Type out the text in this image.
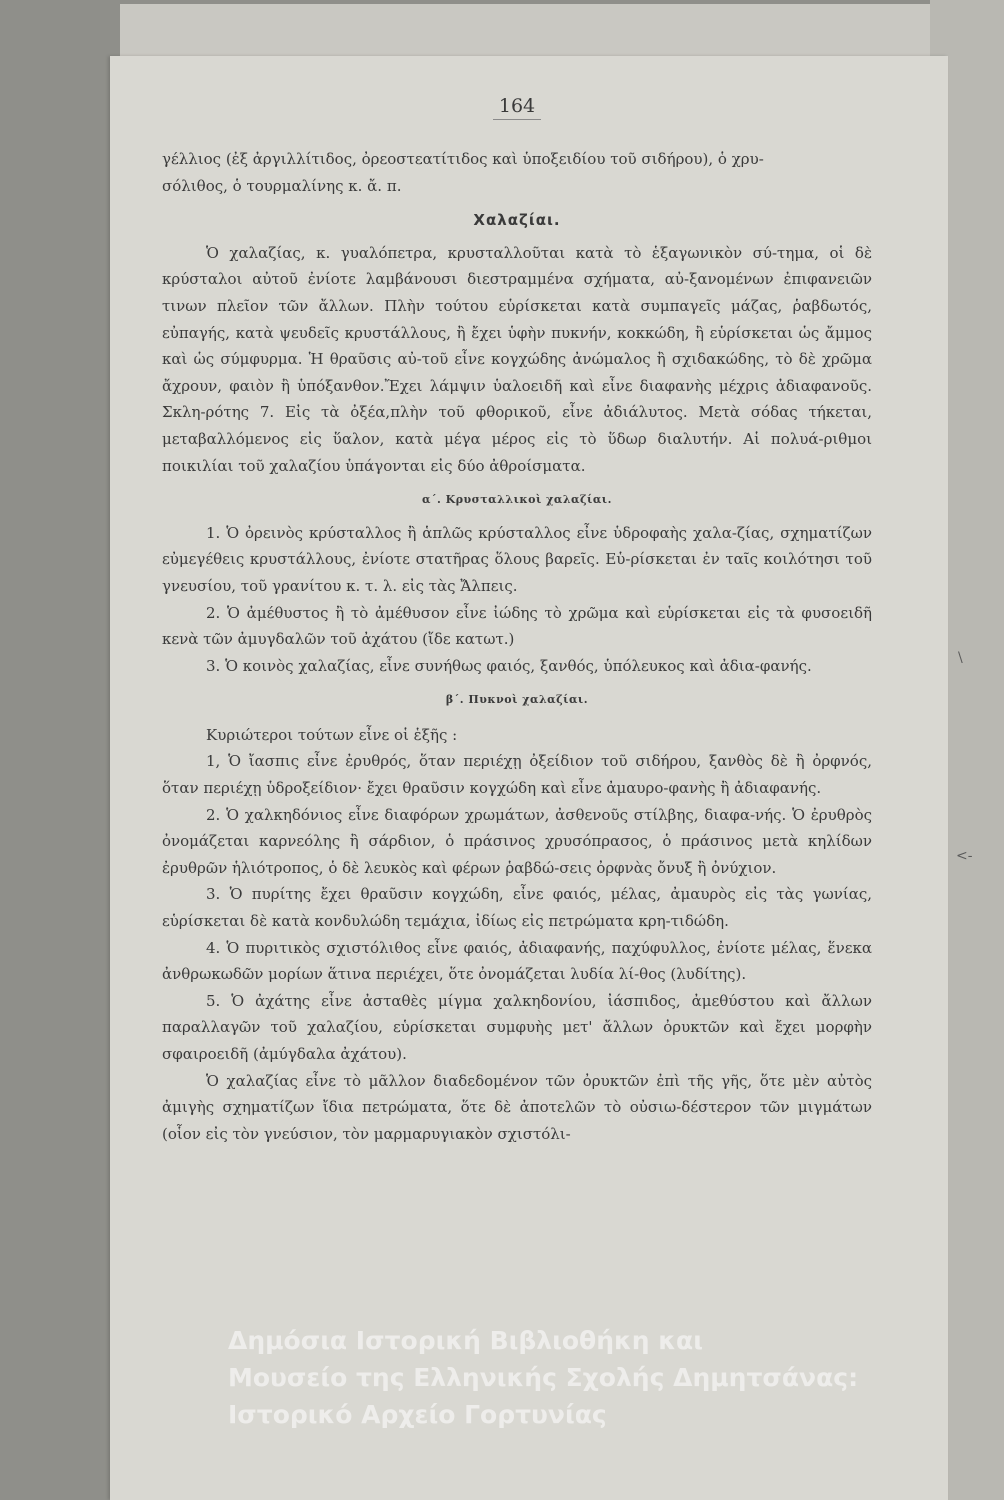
164

γέλλιος (ἐξ ἀργιλλίτιδος, ὀρεοστεατίτιδος καὶ ὑποξειδίου τοῦ σιδήρου), ὁ χρυ-

σόλιθος, ὁ τουρμαλίνης κ. ἄ. π.

Χαλαζίαι.

Ὁ χαλαζίας, κ. γυαλόπετρα, κρυσταλλοῦται κατὰ τὸ ἑξαγωνικὸν σύ-τημα, οἱ δὲ κρύσταλοι αὐτοῦ ἐνίοτε λαμβάνουσι διεστραμμένα σχήματα, αὐ-ξανομένων ἐπιφανειῶν τινων πλεῖον τῶν ἄλλων. Πλὴν τούτου εὑρίσκεται κατὰ συμπαγεῖς μάζας, ῥαβδωτός, εὐπαγής, κατὰ ψευδεῖς κρυστάλλους, ἢ ἔχει ὑφὴν πυκνήν, κοκκώδη, ἢ εὑρίσκεται ὡς ἄμμος καὶ ὡς σύμφυρμα. Ἡ θραῦσις αὐ-τοῦ εἶνε κογχώδης ἀνώμαλος ἢ σχιδακώδης, τὸ δὲ χρῶμα ἄχρουν, φαιὸν ἢ ὑπόξανθον.Ἔχει λάμψιν ὑαλοειδῆ καὶ εἶνε διαφανὴς μέχρις ἀδιαφανοῦς. Σκλη-ρότης 7. Εἰς τὰ ὀξέα,πλὴν τοῦ φθορικοῦ, εἶνε ἀδιάλυτος. Μετὰ σόδας τήκεται, μεταβαλλόμενος εἰς ὕαλον, κατὰ μέγα μέρος εἰς τὸ ὕδωρ διαλυτήν. Αἱ πολυά-ριθμοι ποικιλίαι τοῦ χαλαζίου ὑπάγονται εἰς δύο ἀθροίσματα.

α΄. Κρυσταλλικοὶ χαλαζίαι.

1. Ὁ ὀρεινὸς κρύσταλλος ἢ ἁπλῶς κρύσταλλος εἶνε ὑδροφαὴς χαλα-ζίας, σχηματίζων εὐμεγέθεις κρυστάλλους, ἐνίοτε στατῆρας ὅλους βαρεῖς. Εὑ-ρίσκεται ἐν ταῖς κοιλότησι τοῦ γνευσίου, τοῦ γρανίτου κ. τ. λ. εἰς τὰς Ἄλπεις.

2. Ὁ ἀμέθυστος ἢ τὸ ἀμέθυσον εἶνε ἰώδης τὸ χρῶμα καὶ εὑρίσκεται εἰς τὰ φυσοειδῆ κενὰ τῶν ἀμυγδαλῶν τοῦ ἀχάτου (ἴδε κατωτ.)

3. Ὁ κοινὸς χαλαζίας, εἶνε συνήθως φαιός, ξανθός, ὑπόλευκος καὶ ἀδια-φανής.

β΄. Πυκνοὶ χαλαζίαι.

Κυριώτεροι τούτων εἶνε οἱ ἑξῆς :

1, Ὁ ἴασπις εἶνε ἐρυθρός, ὅταν περιέχῃ ὀξείδιον τοῦ σιδήρου, ξανθὸς δὲ ἢ ὀρφνός, ὅταν περιέχῃ ὑδροξείδιον· ἔχει θραῦσιν κογχώδη καὶ εἶνε ἀμαυρο-φανὴς ἢ ἀδιαφανής.

2. Ὁ χαλκηδόνιος εἶνε διαφόρων χρωμάτων, ἀσθενοῦς στίλβης, διαφα-νής. Ὁ ἐρυθρὸς ὀνομάζεται καρνεόλης ἢ σάρδιον, ὁ πράσινος χρυσόπρασος, ὁ πράσινος μετὰ κηλίδων ἐρυθρῶν ἡλιότροπος, ὁ δὲ λευκὸς καὶ φέρων ῥαβδώ-σεις ὀρφνὰς ὄνυξ ἢ ὀνύχιον.

3. Ὁ πυρίτης ἔχει θραῦσιν κογχώδη, εἶνε φαιός, μέλας, ἀμαυρὸς εἰς τὰς γωνίας, εὑρίσκεται δὲ κατὰ κονδυλώδη τεμάχια, ἰδίως εἰς πετρώματα κρη-τιδώδη.

4. Ὁ πυριτικὸς σχιστόλιθος εἶνε φαιός, ἀδιαφανής, παχύφυλλος, ἐνίοτε μέλας, ἕνεκα ἀνθρωκωδῶν μορίων ἅτινα περιέχει, ὅτε ὀνομάζεται λυδία λί-θος (λυδίτης).

5. Ὁ ἀχάτης εἶνε ἀσταθὲς μίγμα χαλκηδονίου, ἰάσπιδος, ἀμεθύστου καὶ ἄλλων παραλλαγῶν τοῦ χαλαζίου, εὑρίσκεται συμφυὴς μετ' ἄλλων ὀρυκτῶν καὶ ἔχει μορφὴν σφαιροειδῆ (ἀμύγδαλα ἀχάτου).

Ὁ χαλαζίας εἶνε τὸ μᾶλλον διαδεδομένον τῶν ὀρυκτῶν ἐπὶ τῆς γῆς, ὅτε μὲν αὐτὸς ἀμιγὴς σχηματίζων ἴδια πετρώματα, ὅτε δὲ ἀποτελῶν τὸ οὐσιω-δέστερον τῶν μιγμάτων (οἷον εἰς τὸν γνεύσιον, τὸν μαρμαρυγιακὸν σχιστόλι-

\
<-
Δημόσια Ιστορική Βιβλιοθήκη και
Μουσείο της Ελληνικής Σχολής Δημητσάνας:
Ιστορικό Αρχείο Γορτυνίας
